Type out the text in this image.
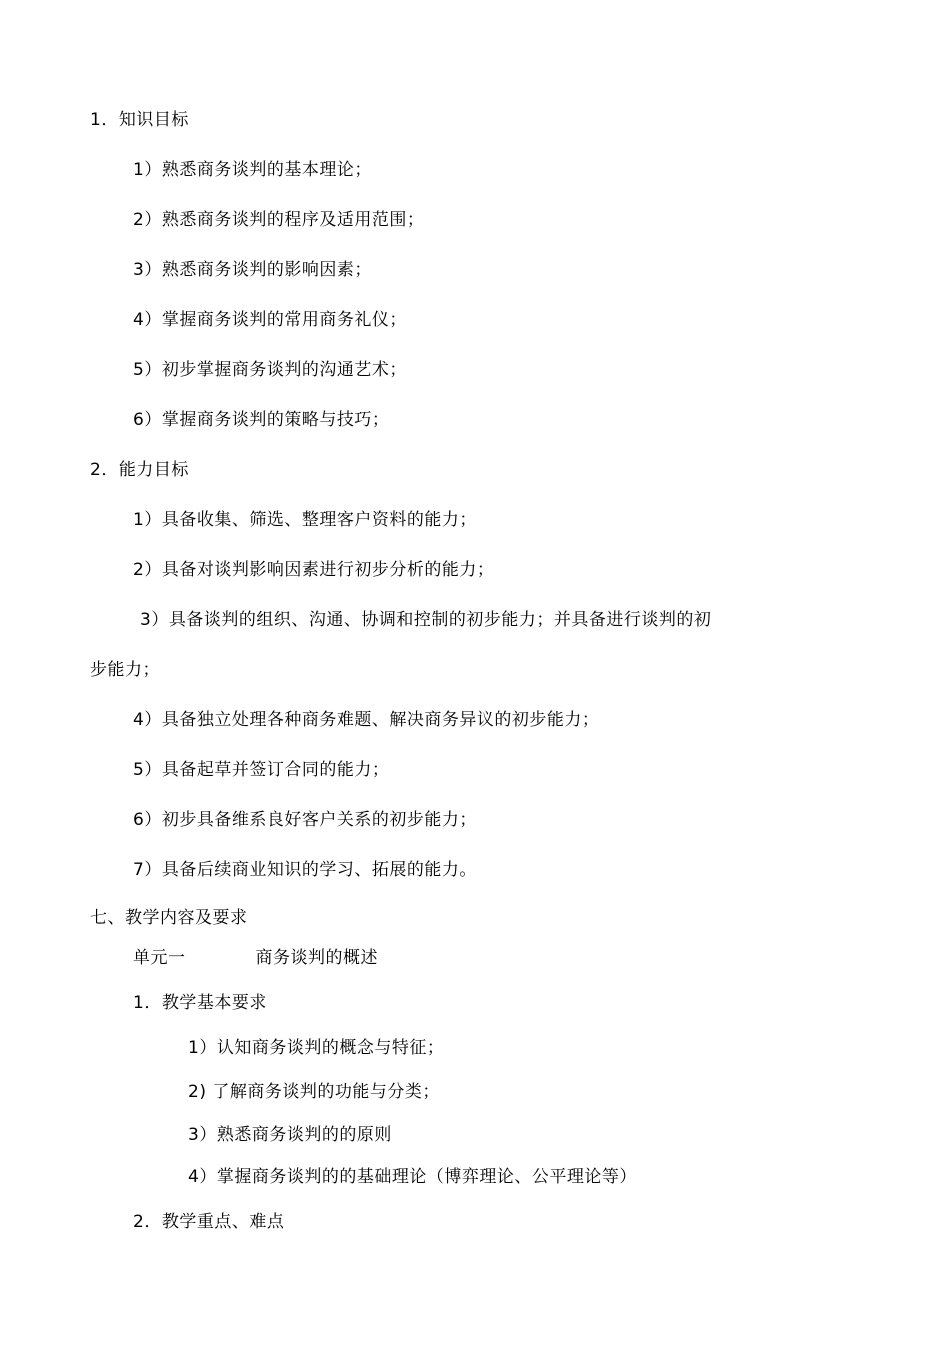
1．知识目标
1）熟悉商务谈判的基本理论；
2）熟悉商务谈判的程序及适用范围；
3）熟悉商务谈判的影响因素；
4）掌握商务谈判的常用商务礼仪；
5）初步掌握商务谈判的沟通艺术；
6）掌握商务谈判的策略与技巧；
2．能力目标
1）具备收集、筛选、整理客户资料的能力；
2）具备对谈判影响因素进行初步分析的能力；
3）具备谈判的组织、沟通、协调和控制的初步能力；并具备进行谈判的初
步能力；
4）具备独立处理各种商务难题、解决商务异议的初步能力；
5）具备起草并签订合同的能力；
6）初步具备维系良好客户关系的初步能力；
7）具备后续商业知识的学习、拓展的能力。
七、教学内容及要求
单元一	商务谈判的概述
1．教学基本要求
1）认知商务谈判的概念与特征；
2) 了解商务谈判的功能与分类；
3）熟悉商务谈判的的原则
4）掌握商务谈判的的基础理论（博弈理论、公平理论等）
2．教学重点、难点
